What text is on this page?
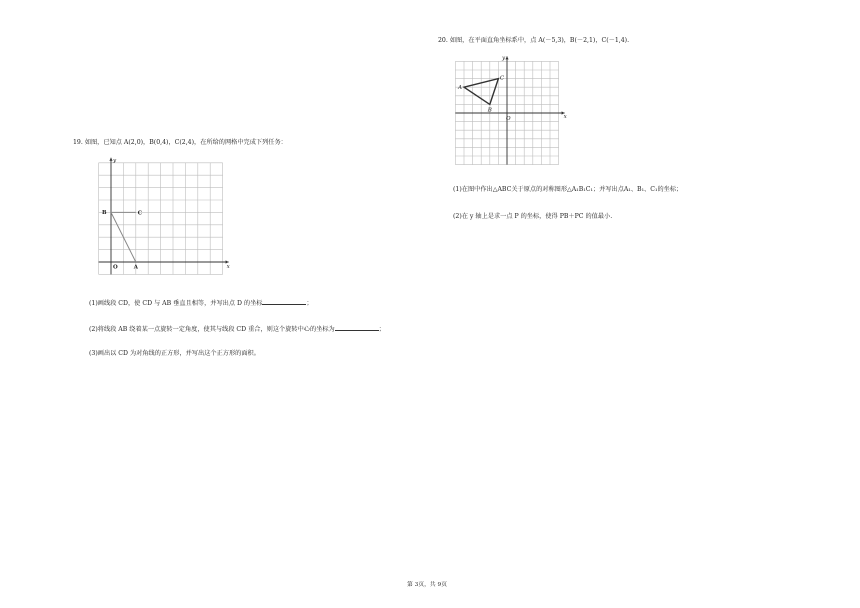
20. 如图，在平面直角坐标系中，点 A(－5,3)，B(－2,1)，C(－1,4).
x
y
O
A
B
C
(1)在图中作出△ABC关于原点的对称图形△A₁B₁C₁；并写出点A₁、B₁、C₁的坐标；
(2)在 y 轴上是求一点 P 的坐标，使得 PB＋PC 的值最小.
19. 如图，已知点 A(2,0)，B(0,4)，C(2,4)，在所给的网格中完成下列任务：
x
y
O	A
B	C
(1)画线段 CD，使 CD 与 AB 垂直且相等，并写出点 D 的坐标	；
(2)将线段 AB 绕着某一点旋转一定角度，使其与线段 CD 重合，则这个旋转中心的坐标为	；
(3)画出以 CD 为对角线的正方形，并写出这个正方形的面积。
第 3页，共 9页
